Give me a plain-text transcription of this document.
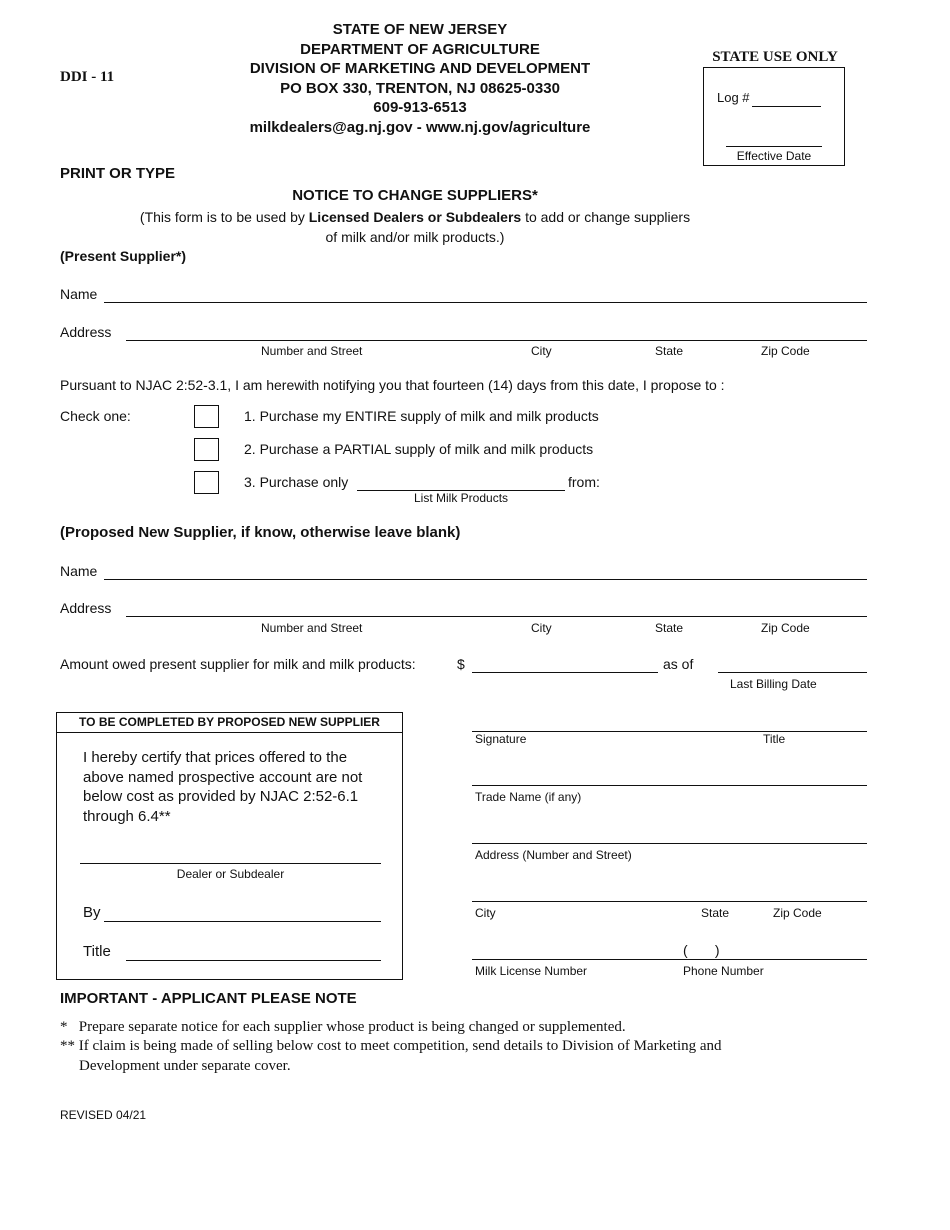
DDI - 11
STATE OF NEW JERSEY
DEPARTMENT OF AGRICULTURE
DIVISION OF MARKETING AND DEVELOPMENT
PO BOX 330, TRENTON, NJ 08625-0330
609-913-6513
milkdealers@ag.nj.gov - www.nj.gov/agriculture
STATE USE ONLY
Log #
Effective Date
PRINT OR TYPE
NOTICE TO CHANGE SUPPLIERS*
(This form is to be used by Licensed Dealers or Subdealers to add or change suppliers
of milk and/or milk products.)
(Present Supplier*)
Name
Address
Number and Street	City	State	Zip Code
Pursuant to NJAC 2:52-3.1, I am herewith notifying you that fourteen (14) days from this date, I propose to :
Check one:	1. Purchase my ENTIRE supply of milk and milk products
2. Purchase a PARTIAL supply of milk and milk products
3. Purchase only	from:
List Milk Products
(Proposed New Supplier, if know, otherwise leave blank)
Name
Address
Number and Street	City	State	Zip Code
Amount owed present supplier for milk and milk products:	$	as of
Last Billing Date
TO BE COMPLETED BY PROPOSED NEW SUPPLIER
I hereby certify that prices offered to the
above named prospective account are not
below cost as provided by NJAC 2:52-6.1
through 6.4**
Dealer or Subdealer
By
Title
Signature	Title
Trade Name (if any)
Address (Number and Street)
City	State	Zip Code
(       )
Milk License Number	Phone Number
IMPORTANT - APPLICANT PLEASE NOTE
*   Prepare separate notice for each supplier whose product is being changed or supplemented.
** If claim is being made of selling below cost to meet competition, send details to Division of Marketing and
Development under separate cover.
REVISED 04/21
